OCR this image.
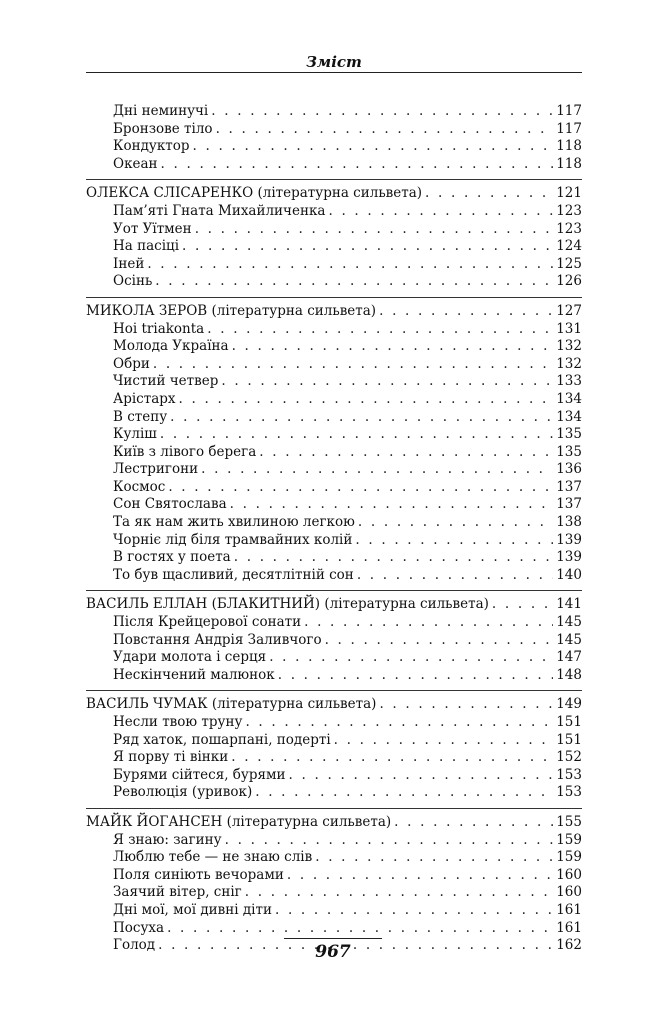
Зміст
Дні неминучі . . .	117
Бронзове тіло . . .	117
Кондуктор . . .	118
Океан . . .	118
ОЛЕКСА СЛІСАРЕНКО (літературна сильвета) . . .	121
Пам’яті Гната Михайличенка . . .	123
Уот Уїтмен . . .	123
На пасіці . . .	124
Іней . . .	125
Осінь . . .	126
МИКОЛА ЗЕРОВ (літературна сильвета) . . .	127
Hoi triakonta . . .	131
Молода Україна . . .	132
Обри . . .	132
Чистий четвер . . .	133
Арістарх . . .	134
В степу . . .	134
Куліш . . .	135
Київ з лівого берега . . .	135
Лестригони . . .	136
Космос . . .	137
Сон Святослава . . .	137
Та як нам жить хвилиною легкою . . .	138
Чорніє лід біля трамвайних колій . . .	139
В гостях у поета . . .	139
То був щасливий, десятлітній сон . . .	140
ВАСИЛЬ ЕЛЛАН (БЛАКИТНИЙ) (літературна сильвета) . . .	141
Після Крейцерової сонати . . .	145
Повстання Андрія Заливчого . . .	145
Удари молота і серця . . .	147
Нескінчений малюнок . . .	148
ВАСИЛЬ ЧУМАК (літературна сильвета) . . .	149
Несли твою труну . . .	151
Ряд хаток, пошарпані, подерті . . .	151
Я порву ті вінки . . .	152
Бурями сійтеся, бурями . . .	153
Революція (уривок) . . .	153
МАЙК ЙОГАНСЕН (літературна сильвета) . . .	155
Я знаю: загину . . .	159
Люблю тебе — не знаю слів . . .	159
Поля синіють вечорами . . .	160
Заячий вітер, сніг . . .	160
Дні мої, мої дивні діти . . .	161
Посуха . . .	161
Голод . . .	162
967
